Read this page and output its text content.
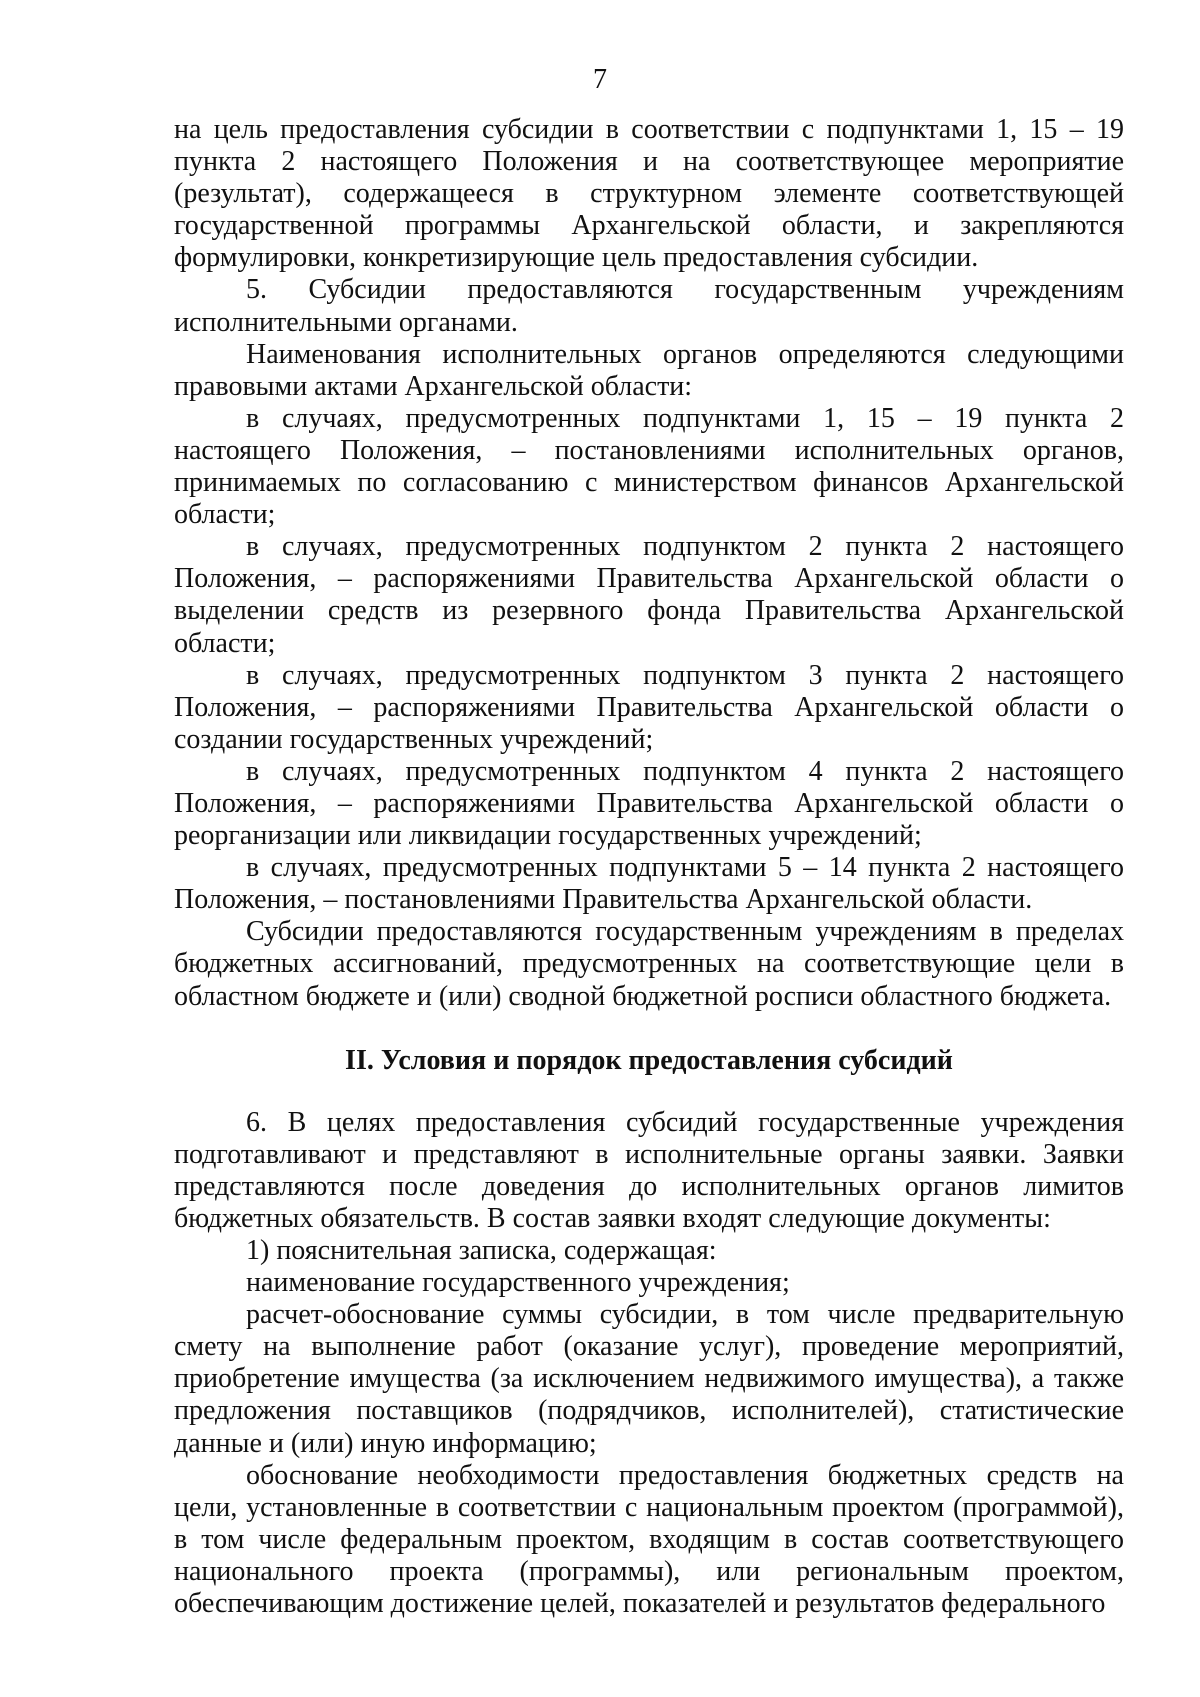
7

на цель предоставления субсидии в соответствии с подпунктами 1, 15 – 19 пункта 2 настоящего Положения и на соответствующее мероприятие (результат), содержащееся в структурном элементе соответствующей государственной программы Архангельской области, и закрепляются формулировки, конкретизирующие цель предоставления субсидии.

5. Субсидии предоставляются государственным учреждениям исполнительными органами.

Наименования исполнительных органов определяются следующими правовыми актами Архангельской области:

в случаях, предусмотренных подпунктами 1, 15 – 19 пункта 2 настоящего Положения, – постановлениями исполнительных органов, принимаемых по согласованию с министерством финансов Архангельской области;

в случаях, предусмотренных подпунктом 2 пункта 2 настоящего Положения, – распоряжениями Правительства Архангельской области о выделении средств из резервного фонда Правительства Архангельской области;

в случаях, предусмотренных подпунктом 3 пункта 2 настоящего Положения, – распоряжениями Правительства Архангельской области о создании государственных учреждений;

в случаях, предусмотренных подпунктом 4 пункта 2 настоящего Положения, – распоряжениями Правительства Архангельской области о реорганизации или ликвидации государственных учреждений;

в случаях, предусмотренных подпунктами 5 – 14 пункта 2 настоящего Положения, – постановлениями Правительства Архангельской области.

Субсидии предоставляются государственным учреждениям в пределах бюджетных ассигнований, предусмотренных на соответствующие цели в областном бюджете и (или) сводной бюджетной росписи областного бюджета.

II. Условия и порядок предоставления субсидий

6. В целях предоставления субсидий государственные учреждения подготавливают и представляют в исполнительные органы заявки. Заявки представляются после доведения до исполнительных органов лимитов бюджетных обязательств. В состав заявки входят следующие документы:

1) пояснительная записка, содержащая:

наименование государственного учреждения;

расчет-обоснование суммы субсидии, в том числе предварительную смету на выполнение работ (оказание услуг), проведение мероприятий, приобретение имущества (за исключением недвижимого имущества), а также предложения поставщиков (подрядчиков, исполнителей), статистические данные и (или) иную информацию;

обоснование необходимости предоставления бюджетных средств на цели, установленные в соответствии с национальным проектом (программой), в том числе федеральным проектом, входящим в состав соответствующего национального проекта (программы), или региональным проектом, обеспечивающим достижение целей, показателей и результатов федерального
